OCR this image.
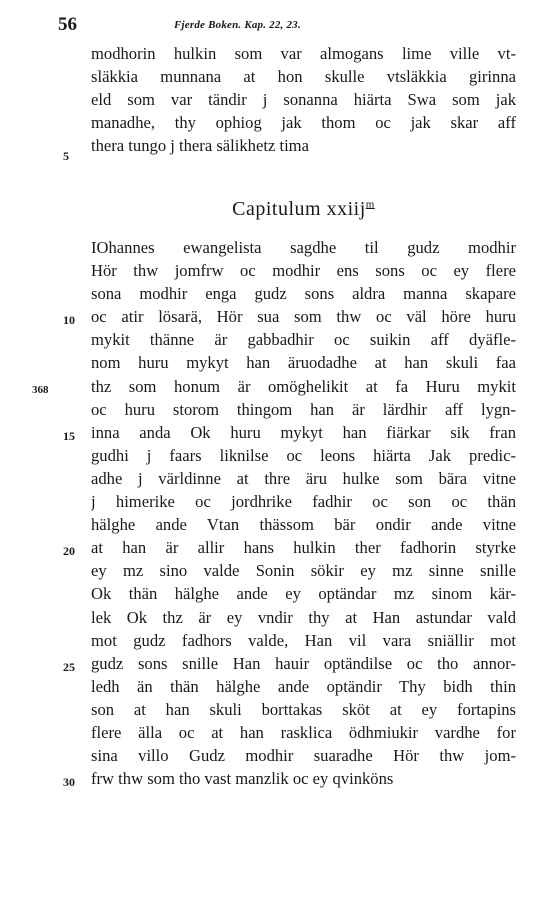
56	Fjerde Boken. Kap. 22, 23.
modhorin hulkin som var almogans lime ville vt-
släkkia munnana at hon skulle vtsläkkia girinna
eld som var tändir j sonanna hiärta Swa som jak
manadhe, thy ophiog jak thom oc jak skar aff
thera tungo j thera sälikhetz tima
Capitulum xxiij$^m$
IOhannes ewangelista sagdhe til gudz modhir
Hör thw jomfrw oc modhir ens sons oc ey flere
sona modhir enga gudz sons aldra manna skapare
oc atir lösarä, Hör sua som thw oc väl höre huru
mykit thänne är gabbadhir oc suikin aff dyäfle-
nom huru mykyt han äruodadhe at han skuli faa
thz som honum är omöghelikit at fa Huru mykit
oc huru storom thingom han är lärdhir aff lygn-
inna anda Ok huru mykyt han fiärkar sik fran
gudhi j faars liknilse oc leons hiärta Jak predic-
adhe j världinne at thre äru hulke som bära vitne
j himerike oc jordhrike fadhir oc son oc thän
hälghe ande Vtan thässom bär ondir ande vitne
at han är allir hans hulkin ther fadhorin styrke
ey mz sino valde Sonin sökir ey mz sinne snille
Ok thän hälghe ande ey optändar mz sinom kär-
lek Ok thz är ey vndir thy at Han astundar vald
mot gudz fadhors valde, Han vil vara sniällir mot
gudz sons snille Han hauir optändilse oc tho annor-
ledh än thän hälghe ande optändir Thy bidh thin
son at han skuli borttakas sköt at ey fortapins
flere älla oc at han rasklica ödhmiukir vardhe for
sina villo Gudz modhir suaradhe Hör thw jom-
frw thw som tho vast manzlik oc ey qvinköns
5
10
15
20
25
30
368
